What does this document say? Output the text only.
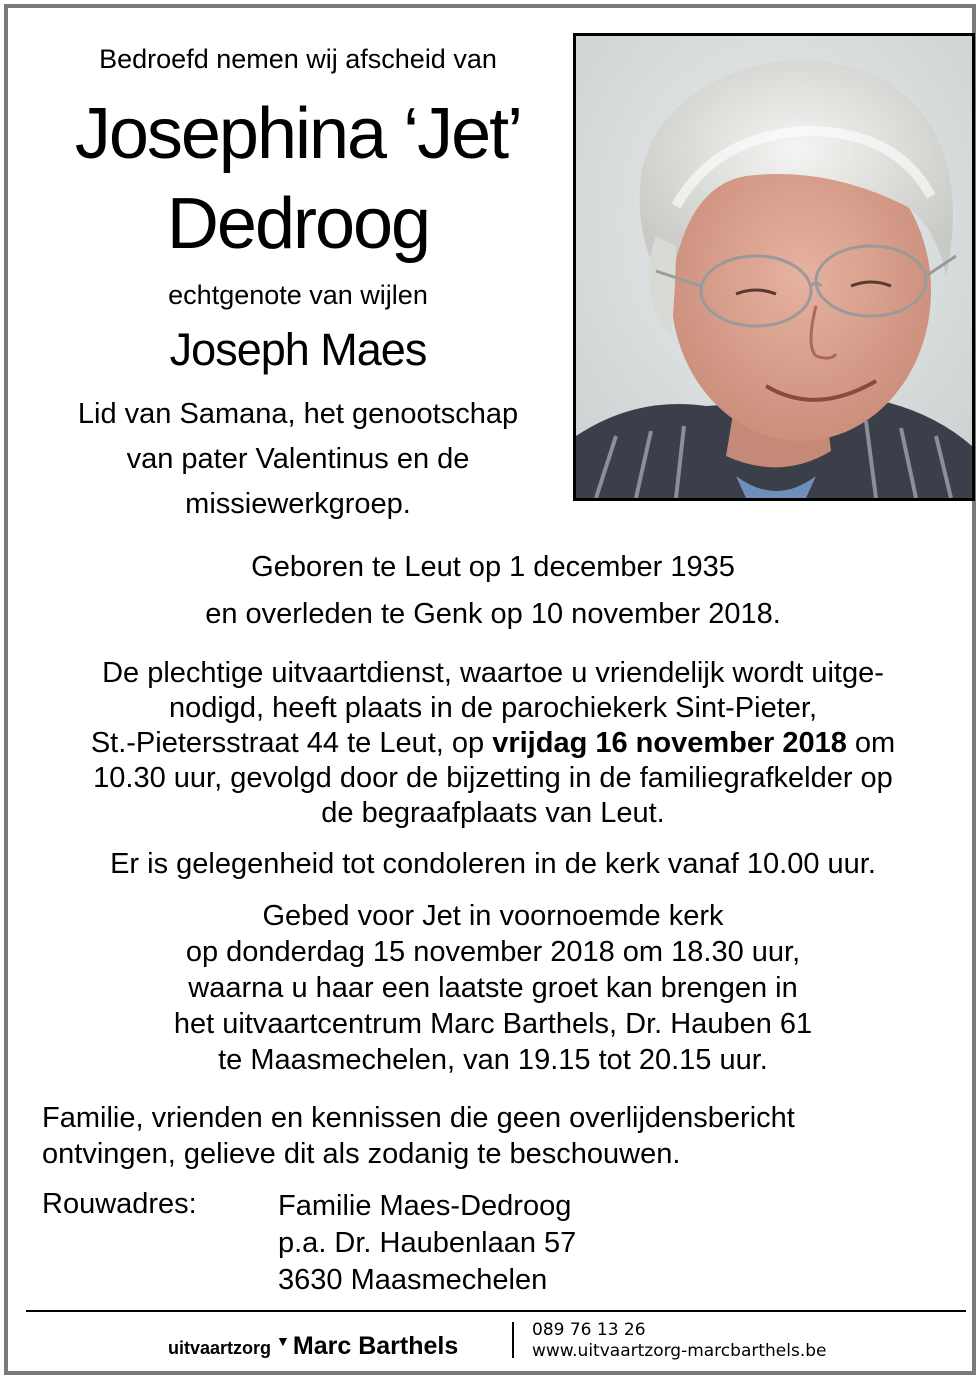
Bedroefd nemen wij afscheid van
Josephina ‘Jet’
Dedroog
echtgenote van wijlen
Joseph Maes
Lid van Samana, het genootschap
van pater Valentinus en de
missiewerkgroep.
Geboren te Leut op 1 december 1935
en overleden te Genk op 10 november 2018.
De plechtige uitvaartdienst, waartoe u vriendelijk wordt uitge-
nodigd, heeft plaats in de parochiekerk Sint-Pieter,
St.-Pietersstraat 44 te Leut, op vrijdag 16 november 2018 om
10.30 uur, gevolgd door de bijzetting in de familiegrafkelder op
de begraafplaats van Leut.
Er is gelegenheid tot condoleren in de kerk vanaf 10.00 uur.
Gebed voor Jet in voornoemde kerk
op donderdag 15 november 2018 om 18.30 uur,
waarna u haar een laatste groet kan brengen in
het uitvaartcentrum Marc Barthels, Dr. Hauben 61
te Maasmechelen, van 19.15 tot 20.15 uur.
Familie, vrienden en kennissen die geen overlijdensbericht
ontvingen, gelieve dit als zodanig te beschouwen.
Rouwadres:	Familie Maes-Dedroog
p.a. Dr. Haubenlaan 57
3630 Maasmechelen
uitvaartzorg ▼ Marc Barthels
089 76 13 26
www.uitvaartzorg-marcbarthels.be
